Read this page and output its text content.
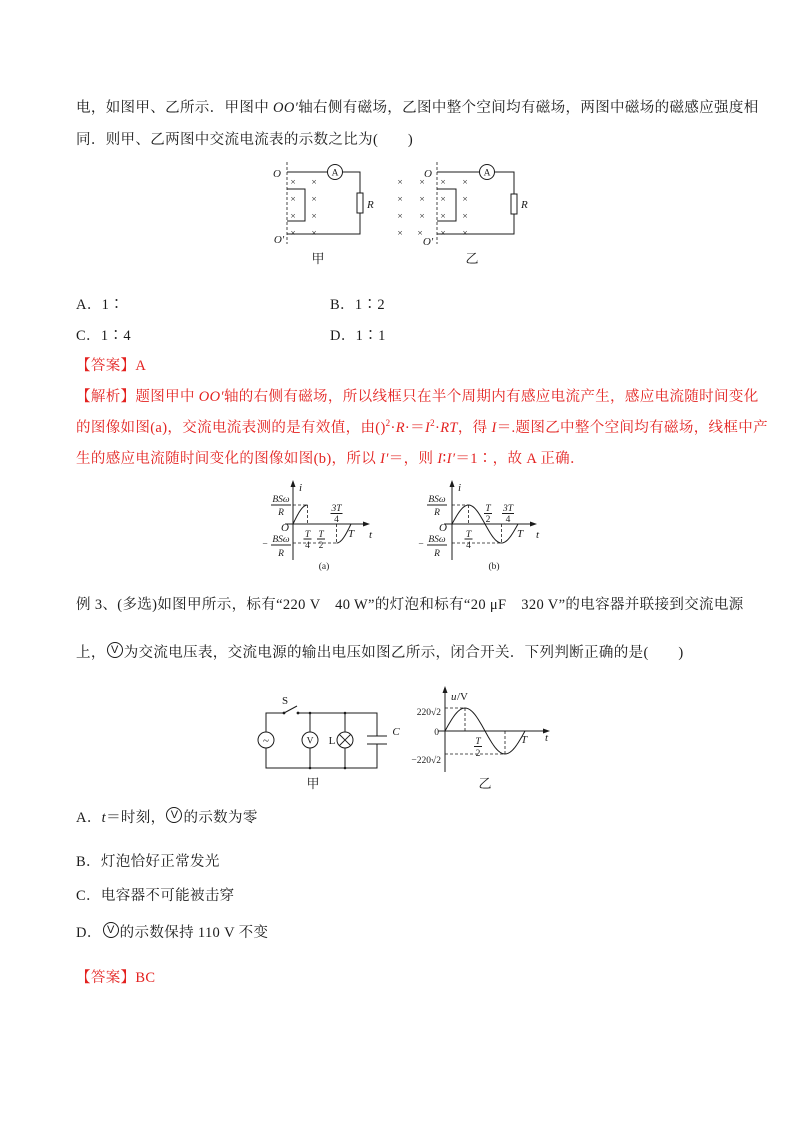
电，如图甲、乙所示．甲图中 OO′轴右侧有磁场，乙图中整个空间均有磁场，两图中磁场的磁感应强度相
同．则甲、乙两图中交流电流表的示数之比为(　　)
A．1∶	B．1∶2
C．1∶4	D．1∶1
【答案】A
【解析】题图甲中 OO′轴的右侧有磁场，所以线框只在半个周期内有感应电流产生，感应电流随时间变化
的图像如图(a)，交流电流表测的是有效值，由$()^2\cdot R\cdot=I^2\cdot RT$，得 I＝.题图乙中整个空间均有磁场，线框中产
生的感应电流随时间变化的图像如图(b)，所以 I′＝，则 I∶I′＝1∶，故 A 正确．
例 3、(多选)如图甲所示，标有“220 V　40 W”的灯泡和标有“20 μF　320 V”的电容器并联接到交流电源
上， V 为交流电压表，交流电源的输出电压如图乙所示，闭合开关．下列判断正确的是(　　)
A．t＝时刻， V 的示数为零
B．灯泡恰好正常发光
C．电容器不可能被击穿
D． V 的示数保持 110 V 不变
【答案】BC
O
O′
A
R
× ×
× ×
× ×
× ×
甲
O
O′
A
R
× × × ×
× × × ×
× × × ×
× × × ×
乙
i
t
O
BSω
R
− BSω
R
T
4
T
2
3T
4
T
(a)
i
t
O
BSω
R
− BSω
R
T
4
T
2
3T
4
T
(b)
S
~	V L
C
甲
u /V
220√2
0
−220√2
T
2
T t
乙
